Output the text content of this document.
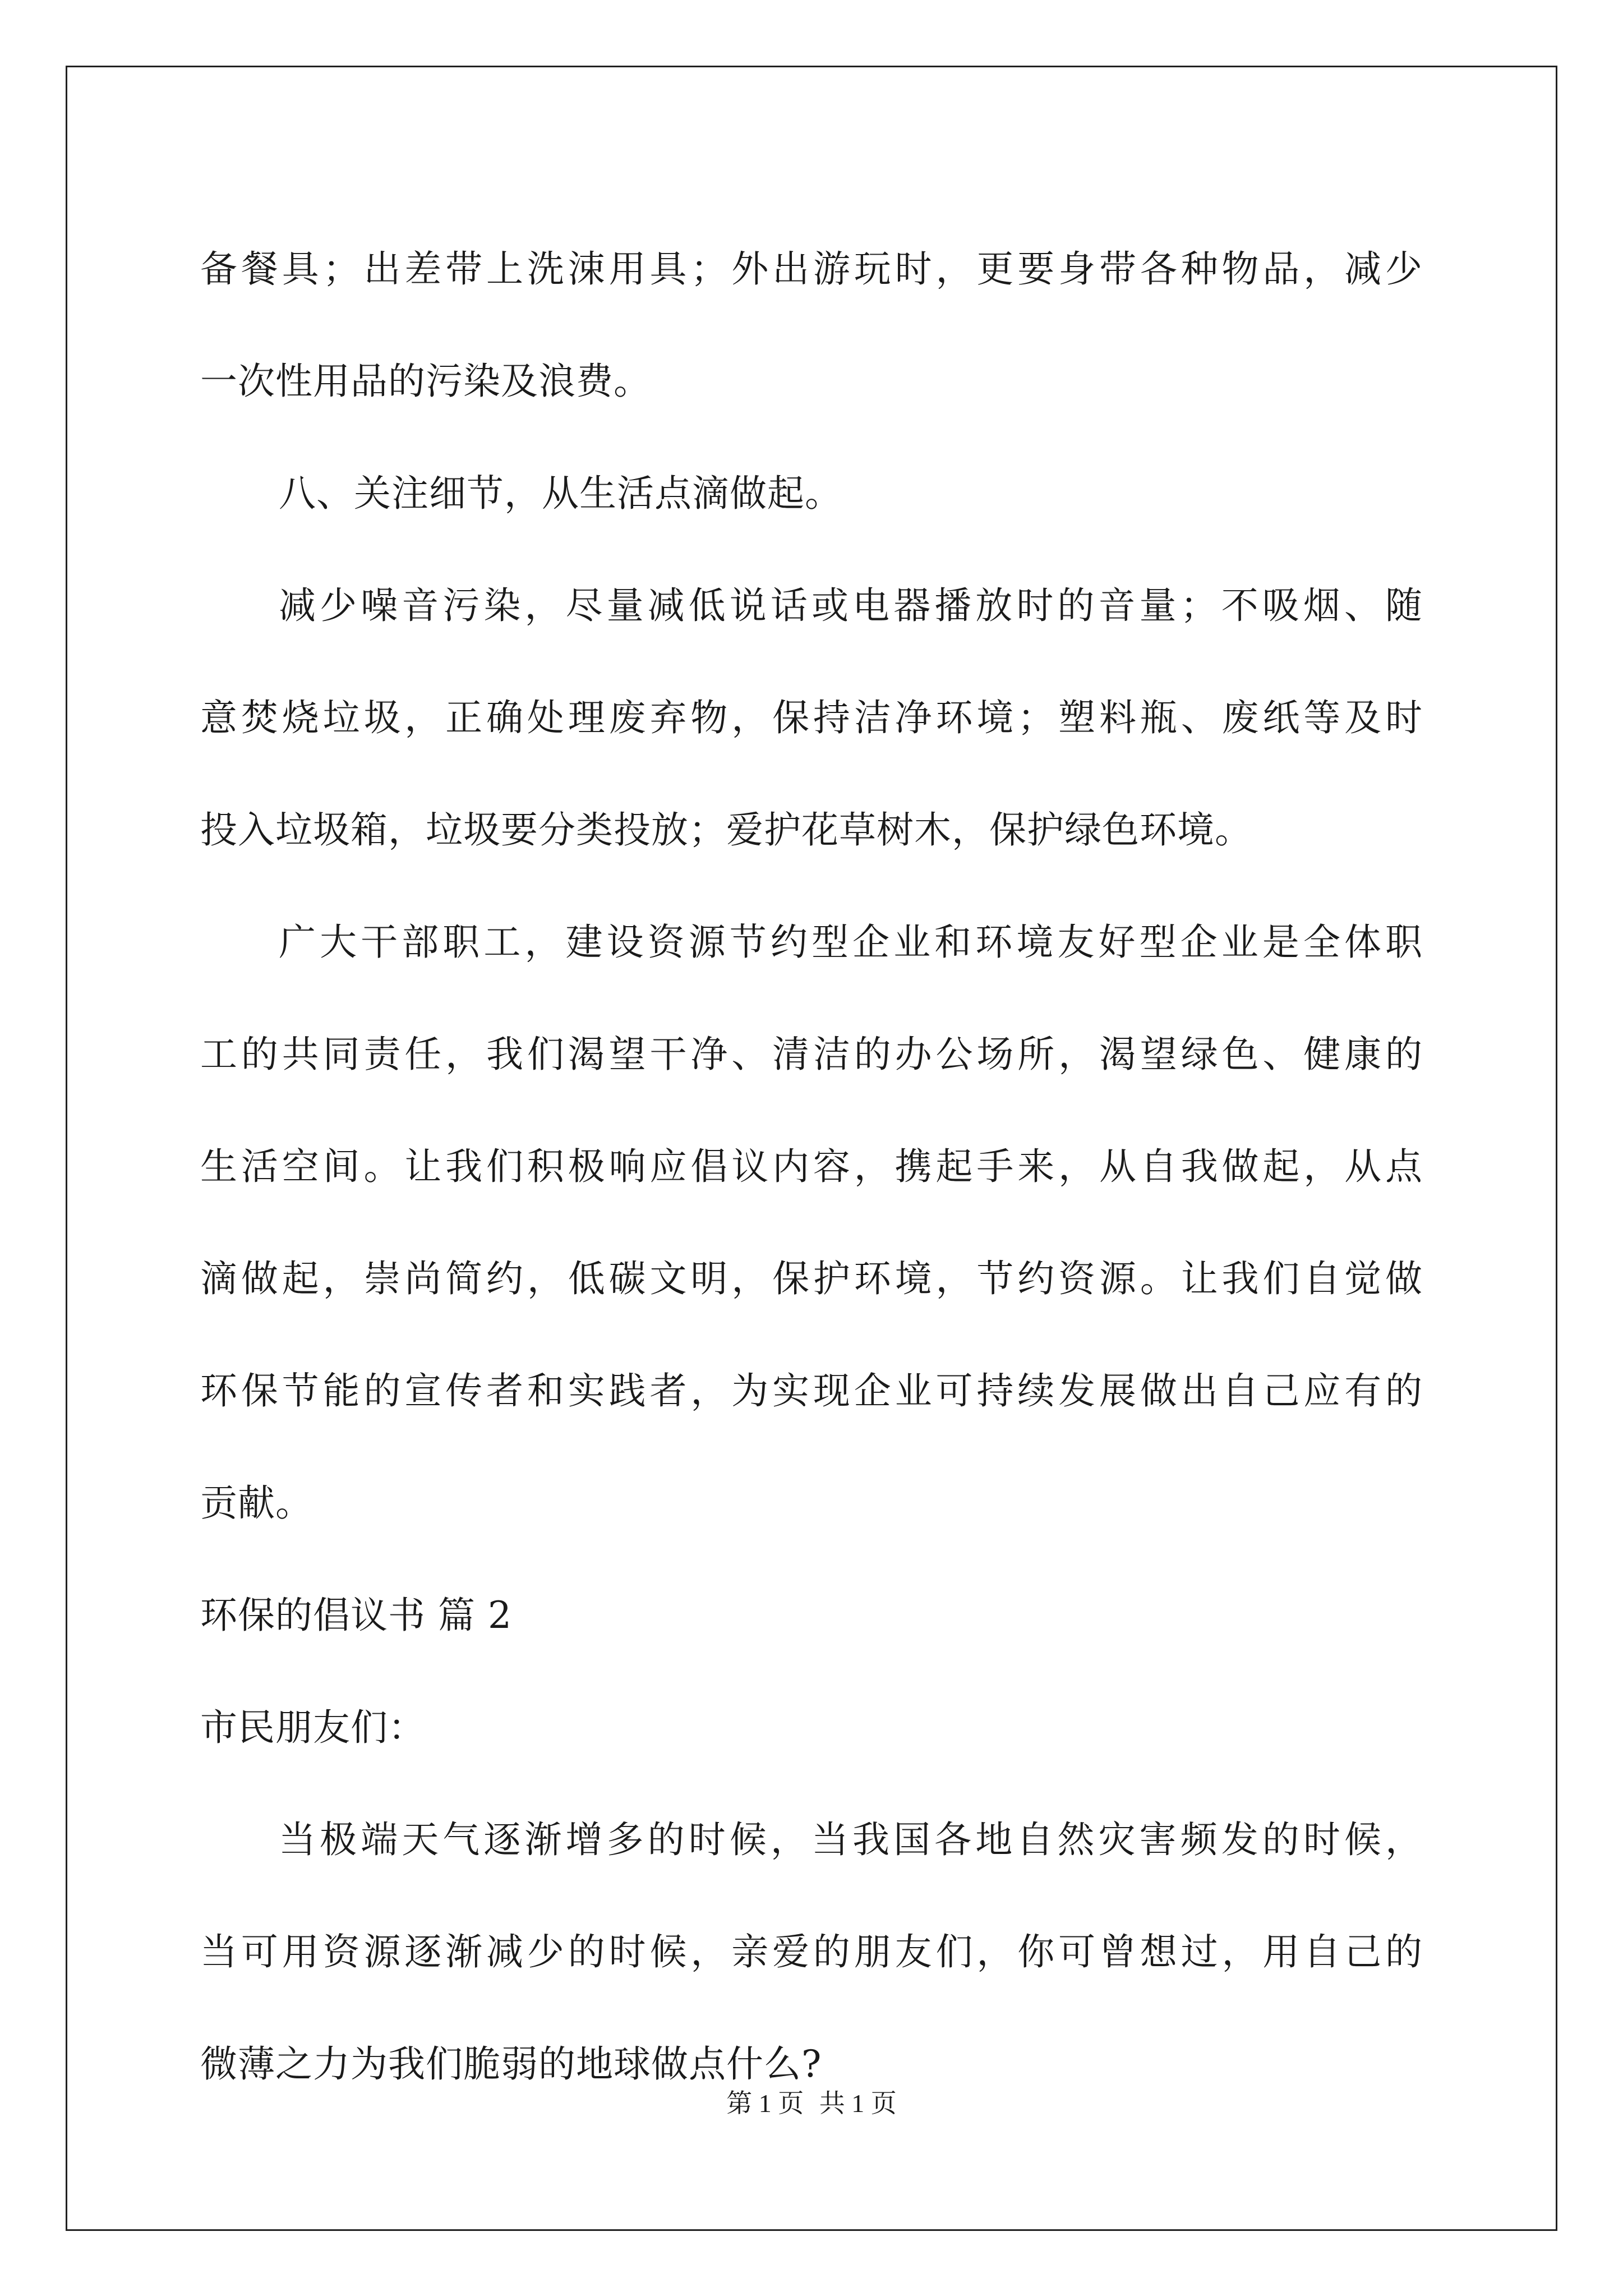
备餐具；出差带上洗涑用具；外出游玩时，更要身带各种物品，减少
一次性用品的污染及浪费。
八、关注细节，从生活点滴做起。
减少噪音污染，尽量减低说话或电器播放时的音量；不吸烟、随
意焚烧垃圾，正确处理废弃物，保持洁净环境；塑料瓶、废纸等及时
投入垃圾箱，垃圾要分类投放；爱护花草树木，保护绿色环境。
广大干部职工，建设资源节约型企业和环境友好型企业是全体职
工的共同责任，我们渴望干净、清洁的办公场所，渴望绿色、健康的
生活空间。让我们积极响应倡议内容，携起手来，从自我做起，从点
滴做起，崇尚简约，低碳文明，保护环境，节约资源。让我们自觉做
环保节能的宣传者和实践者，为实现企业可持续发展做出自己应有的
贡献。
环保的倡议书 篇 2
市民朋友们：
当极端天气逐渐增多的时候，当我国各地自然灾害频发的时候，
当可用资源逐渐减少的时候，亲爱的朋友们，你可曾想过，用自己的
微薄之力为我们脆弱的地球做点什么?
第 1 页 共 1 页
